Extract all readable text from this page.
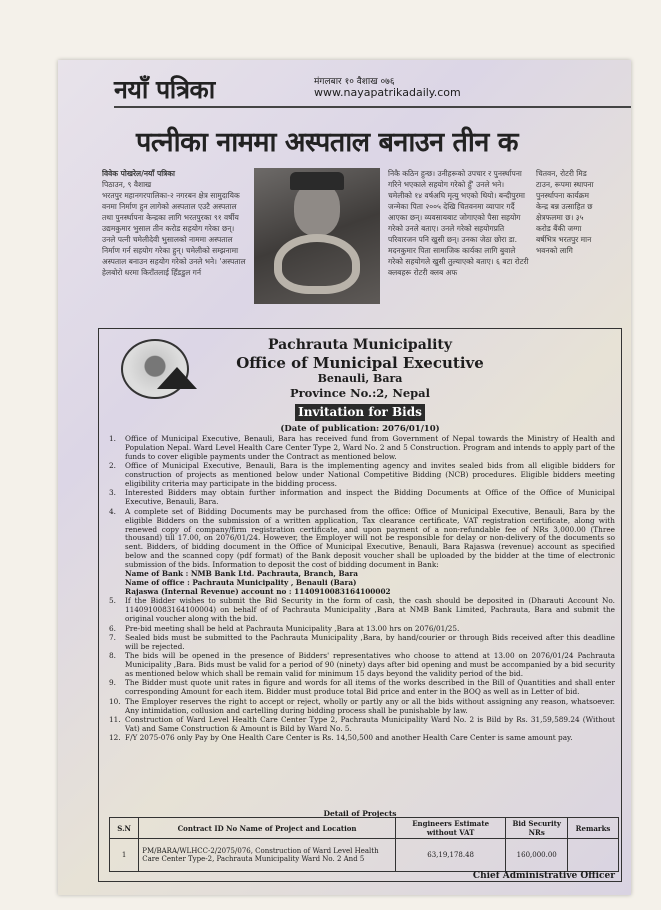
नयाँ पत्रिका	मंगलबार १० वैशाख ०७६
www.nayapatrikadaily.com
पत्नीका नाममा अस्पताल बनाउन तीन क

विवेक पोखरेल/नयाँ पत्रिका

पिठाउन, ९ वैशाख

भरतपुर महानगरपालिका-२ नगरबन क्षेत्र सामुदायिक वनमा निर्माण हुन लागेको अस्पताल एउटै अस्पताल तथा पुनर्स्थापना केन्द्रका लागि भरतपुरका ९१ वर्षीय उद्यमकुमार भुसाल तीन करोड सहयोग गरेका छन्। उनले पत्नी चमेलीदेवी भुसालको नाममा अस्पताल निर्माण गर्न सहयोग गरेका हुन्। चमेलीको सम्झनामा अस्पताल बनाउन सहयोग गरेको उनले भने। 'अस्पताल हेलबोरो धरमा किराँतलाई हिँडडुल गर्न

निकै कठिन हुन्छ। उनीहरूको उपचार र पुनर्स्थापना गरिने भएकाले सहयोग गरेको हुँ' उनले भने। चमेलीको १४ वर्षअघि मृत्यु भएको थियो। बन्दीपुरमा जन्मेका पिता २००५ देखि चितवनमा व्यापार गर्दै आएका छन्। व्यवसायबाट जोगाएको पैसा सहयोग गरेको उनले बताए। उनले गरेको सहयोगप्रति परिवारजन पनि खुसी छन्। उनका जेठा छोरा डा. मदनकुमार पिता सामाजिक कार्यका लागि बुवाले गरेको सहयोगले खुसी तुल्याएको बताए। ६ बटा रोटरी क्लबहरू रोटरी क्लब अफ

चितवन, रोटरी मिड टाउन, रूपमा स्थापना पुनर्स्थापना कार्यक्रम केन्द्र बन्न उत्साहित छ क्षेत्रफलमा छ। ३५ करोड बैंकी जग्गा बर्षभित्र भरतपुर मान भवनको लागि

Pachrauta Municipality
Office of Municipal Executive
Benauli, Bara
Province No.:2, Nepal
Invitation for Bids
(Date of publication: 2076/01/10)
1. Office of Municipal Executive, Benauli, Bara has received fund from Government of Nepal towards the Ministry of Health and Population Nepal. Ward Level Health Care Center Type 2, Ward No. 2 and 5 Construction. Program and intends to apply part of the funds to cover eligible payments under the Contract as mentioned below.
2. Office of Municipal Executive, Benauli, Bara is the implementing agency and invites sealed bids from all eligible bidders for construction of projects as mentioned below under National Competitive Bidding (NCB) procedures. Eligible bidders meeting eligibility criteria may participate in the bidding process.
3. Interested Bidders may obtain further information and inspect the Bidding Documents at Office of the Office of Municipal Executive, Benauli, Bara.
4. A complete set of Bidding Documents may be purchased from the office: Office of Municipal Executive, Benauli, Bara by the eligible Bidders on the submission of a written application, Tax clearance certificate, VAT registration certificate, along with renewed copy of company/firm registration certificate, and upon payment of a non-refundable fee of NRs 3,000.00 (Three thousand) till 17.00, on 2076/01/24. However, the Employer will not be responsible for delay or non-delivery of the documents so sent. Bidders, of bidding document in the Office of Municipal Executive, Benauli, Bara Rajaswa (revenue) account as specified below and the scanned copy (pdf format) of the Bank deposit voucher shall be uploaded by the bidder at the time of electronic submission of the bids. Information to deposit the cost of bidding document in Bank:
Name of Bank : NMB Bank Ltd. Pachrauta, Branch, Bara
Name of office : Pachrauta Municipality , Benauli (Bara)
Rajaswa (Internal Revenue) account no : 1140910083164100002
5. If the Bidder wishes to submit the Bid Security in the form of cash, the cash should be deposited in (Dharauti Account No. 1140910083164100004) on behalf of of Pachrauta Municipality ,Bara at NMB Bank Limited, Pachrauta, Bara and submit the original voucher along with the bid.
6. Pre-bid meeting shall be held at Pachrauta Municipality ,Bara at 13.00 hrs on 2076/01/25.
7. Sealed bids must be submitted to the Pachrauta Municipality ,Bara, by hand/courier or through Bids received after this deadline will be rejected.
8. The bids will be opened in the presence of Bidders' representatives who choose to attend at 13.00 on 2076/01/24 Pachrauta Municipality ,Bara. Bids must be valid for a period of 90 (ninety) days after bid opening and must be accompanied by a bid security as mentioned below which shall be remain valid for minimum 15 days beyond the validity period of the bid.
9. The Bidder must quote unit rates in figure and words for all items of the works described in the Bill of Quantities and shall enter corresponding Amount for each item. Bidder must produce total Bid price and enter in the BOQ as well as in Letter of bid.
10. The Employer reserves the right to accept or reject, wholly or partly any or all the bids without assigning any reason, whatsoever. Any intimidation, collusion and cartelling during bidding process shall be punishable by law.
11. Construction of Ward Level Health Care Center Type 2, Pachrauta Municipality Ward No. 2 is Bild by Rs. 31,59,589.24 (Without Vat) and Same Construction & Amount is Bild by Ward No. 5.
12. F/Y 2075-076 only Pay by One Health Care Center is Rs. 14,50,500 and another Health Care Center is same amount pay.
Detail of Projects
S.N	Contract ID No Name of Project and Location	Engineers Estimate without VAT	Bid Security NRs	Remarks
1	PM/BARA/WLHCC-2/2075/076, Construction of Ward Level Health Care Center Type-2, Pachrauta Municipality Ward No. 2 And 5	63,19,178.48	160,000.00	
Chief Administrative Officer
